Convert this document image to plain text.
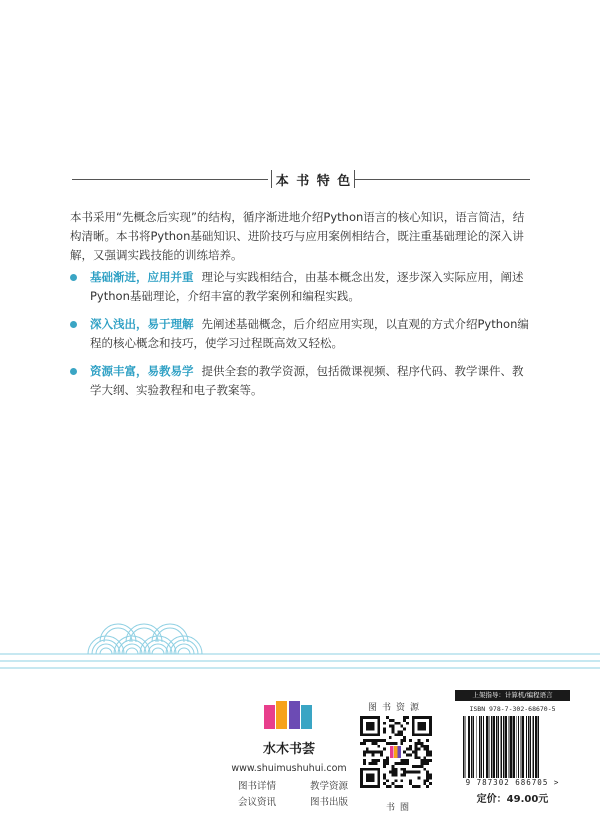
本 书 特 色

本书采用“先概念后实现”的结构，循序渐进地介绍Python语言的核心知识，语言简洁，结构清晰。本书将Python基础知识、进阶技巧与应用案例相结合，既注重基础理论的深入讲解，又强调实践技能的训练培养。

基础渐进，应用并重 理论与实践相结合，由基本概念出发，逐步深入实际应用，阐述Python基础理论，介绍丰富的教学案例和编程实践。
深入浅出，易于理解 先阐述基础概念，后介绍应用实现，以直观的方式介绍Python编程的核心概念和技巧，使学习过程既高效又轻松。
资源丰富，易教易学 提供全套的教学资源，包括微课视频、程序代码、教学课件、教学大纲、实验教程和电子教案等。
水木书荟
www.shuimushuhui.com
图书详情	教学资源
会议资讯	图书出版
图书资源
书圈
上架指导：计算机/编程语言
ISBN 978-7-302-68670-5
9 787302 686705 >
定价：49.00元
